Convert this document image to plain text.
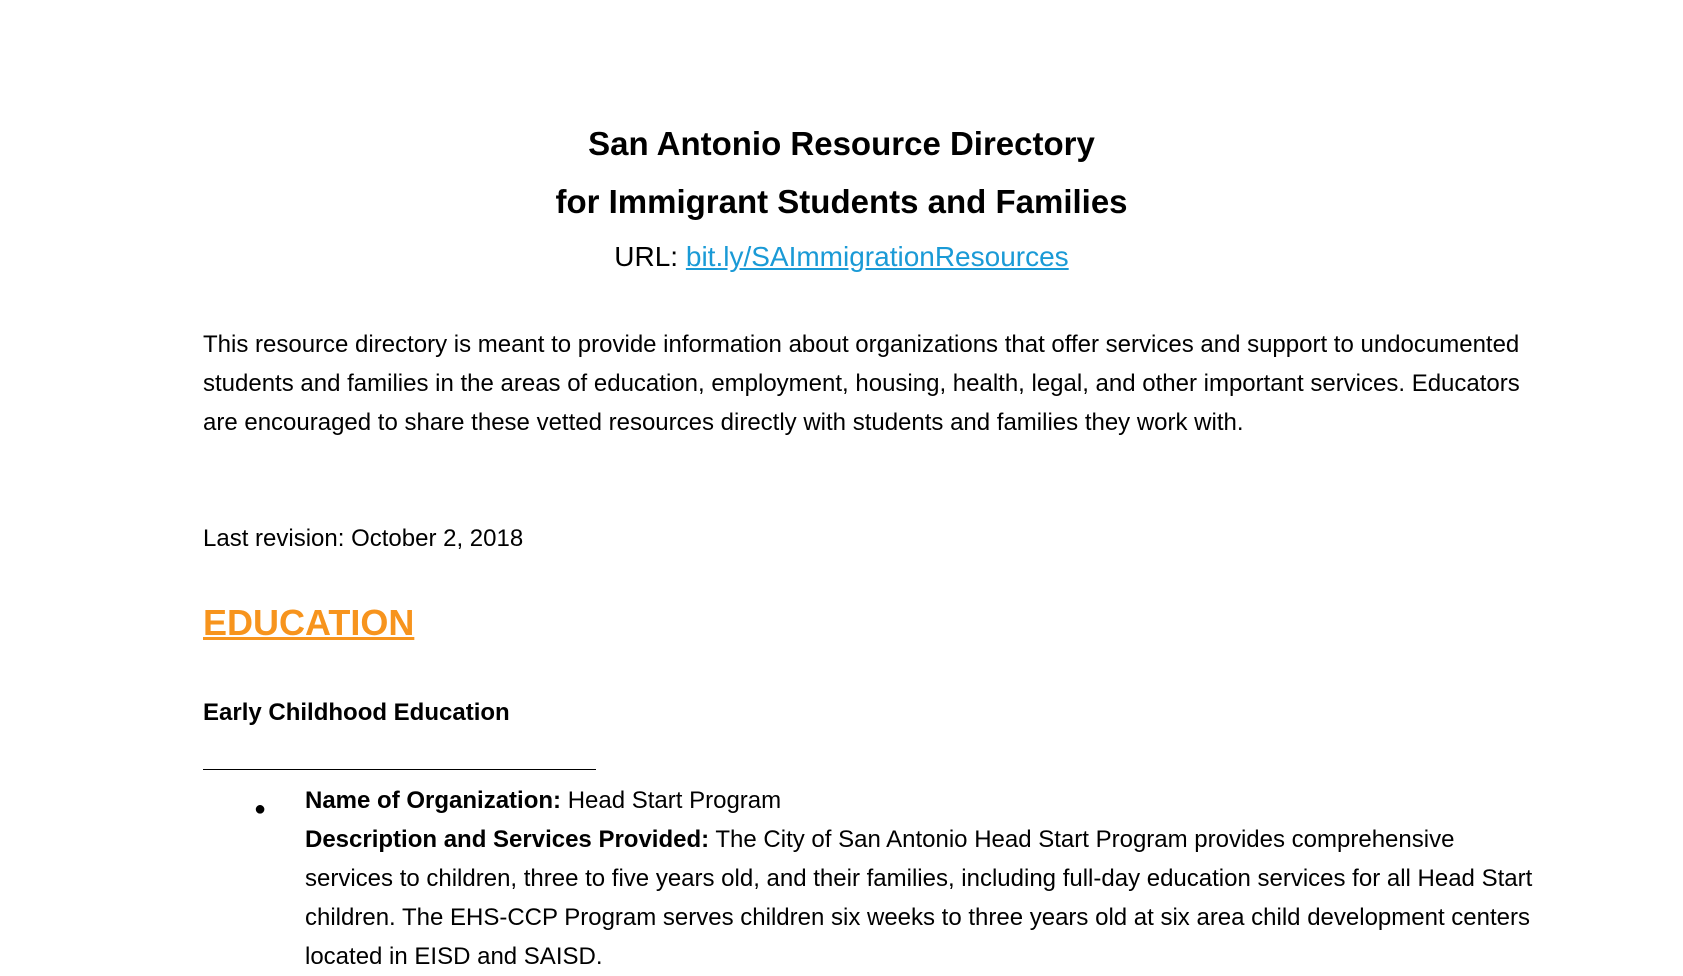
San Antonio Resource Directory
for Immigrant Students and Families
URL: bit.ly/SAImmigrationResources

This resource directory is meant to provide information about organizations that offer services and support to undocumented students and families in the areas of education, employment, housing, health, legal, and other important services. Educators are encouraged to share these vetted resources directly with students and families they work with.

Last revision: October 2, 2018
EDUCATION
Early Childhood Education
● Name of Organization: Head Start Program

Description and Services Provided: The City of San Antonio Head Start Program provides comprehensive services to children, three to five years old, and their families, including full-day education services for all Head Start children. The EHS-CCP Program serves children six weeks to three years old at six area child development centers located in EISD and SAISD.
